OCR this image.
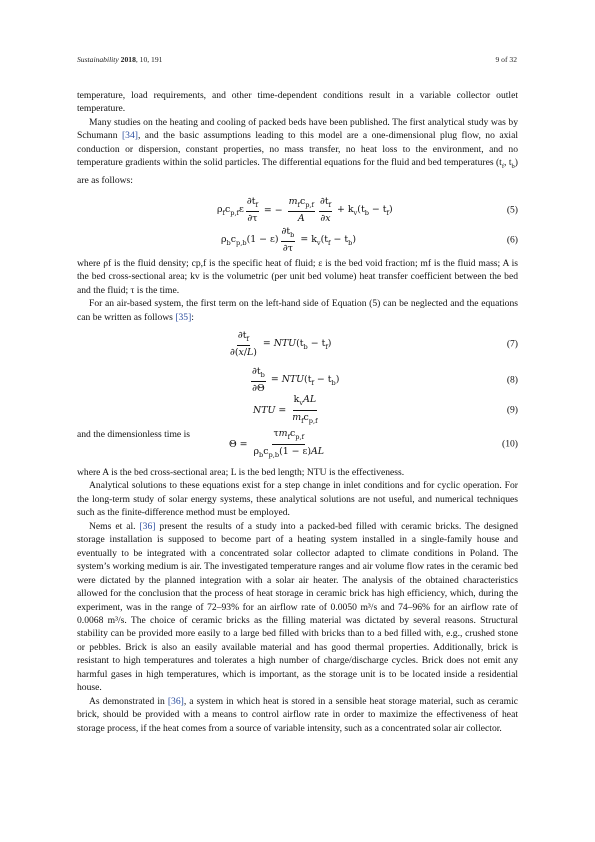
Sustainability 2018, 10, 191	9 of 32

temperature, load requirements, and other time-dependent conditions result in a variable collector outlet temperature.

Many studies on the heating and cooling of packed beds have been published. The first analytical study was by Schumann [34], and the basic assumptions leading to this model are a one-dimensional plug flow, no axial conduction or dispersion, constant properties, no mass transfer, no heat loss to the environment, and no temperature gradients within the solid particles. The differential equations for the fluid and bed temperatures ($t_f$, $t_b$) are as follows:

$\rho_fc_{p,f}\varepsilon \frac{\partial t_f}{\partial\tau}$ = − $\frac{m_fc_{p,f}}{A} \frac{\partial t_f}{\partial x} + k_v(t_b - t_f)$	(5)
$\rho_bc_{p,b}(1 - \varepsilon) \frac{\partial t_b}{\partial\tau} = k_v(t_f - t_b)$	(6)

where ρf is the fluid density; cp,f is the specific heat of fluid; ε is the bed void fraction; mf is the fluid mass; A is the bed cross-sectional area; kv is the volumetric (per unit bed volume) heat transfer coefficient between the bed and the fluid; τ is the time.

For an air-based system, the first term on the left-hand side of Equation (5) can be neglected and the equations can be written as follows [35]:

$\frac{\partial t_f}{\partial(x/L)} = NTU(t_b - t_f)$	(7)
$\frac{\partial t_b}{\partial\Theta} = NTU(t_f - t_b)$	(8)
NTU = $\frac{k_vAL}{m_fc_{p,f}}$	(9)
and the dimensionless time is
$\Theta = \frac{\tau m_fc_{p,f}}{\rho_bc_{p,b}(1 - \varepsilon)AL}$	(10)

where A is the bed cross-sectional area; L is the bed length; NTU is the effectiveness.

Analytical solutions to these equations exist for a step change in inlet conditions and for cyclic operation. For the long-term study of solar energy systems, these analytical solutions are not useful, and numerical techniques such as the finite-difference method must be employed.

Nems et al. [36] present the results of a study into a packed-bed filled with ceramic bricks. The designed storage installation is supposed to become part of a heating system installed in a single-family house and eventually to be integrated with a concentrated solar collector adapted to climate conditions in Poland. The system’s working medium is air. The investigated temperature ranges and air volume flow rates in the ceramic bed were dictated by the planned integration with a solar air heater. The analysis of the obtained characteristics allowed for the conclusion that the process of heat storage in ceramic brick has high efficiency, which, during the experiment, was in the range of 72–93% for an airflow rate of 0.0050 m³/s and 74–96% for an airflow rate of 0.0068 m³/s. The choice of ceramic bricks as the filling material was dictated by several reasons. Structural stability can be provided more easily to a large bed filled with bricks than to a bed filled with, e.g., crushed stone or pebbles. Brick is also an easily available material and has good thermal properties. Additionally, brick is resistant to high temperatures and tolerates a high number of charge/discharge cycles. Brick does not emit any harmful gases in high temperatures, which is important, as the storage unit is to be located inside a residential house.

As demonstrated in [36], a system in which heat is stored in a sensible heat storage material, such as ceramic brick, should be provided with a means to control airflow rate in order to maximize the effectiveness of heat storage process, if the heat comes from a source of variable intensity, such as a concentrated solar air collector.
